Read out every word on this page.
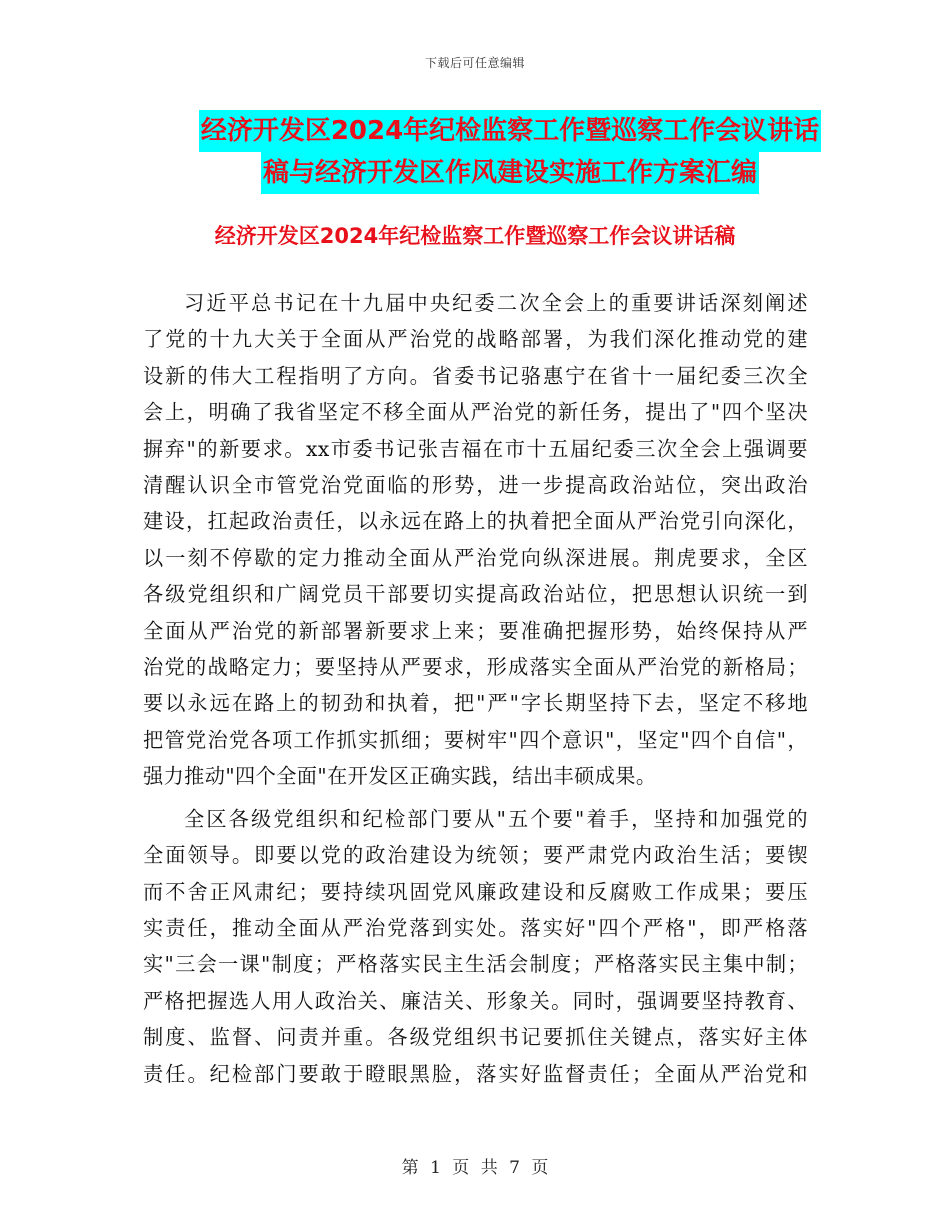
下载后可任意编辑
经济开发区2024年纪检监察工作暨巡察工作会议讲话
稿与经济开发区作风建设实施工作方案汇编
经济开发区2024年纪检监察工作暨巡察工作会议讲话稿
习近平总书记在十九届中央纪委二次全会上的重要讲话深刻阐述
了党的十九大关于全面从严治党的战略部署，为我们深化推动党的建
设新的伟大工程指明了方向。省委书记骆惠宁在省十一届纪委三次全
会上，明确了我省坚定不移全面从严治党的新任务，提出了"四个坚决
摒弃"的新要求。xx市委书记张吉福在市十五届纪委三次全会上强调要
清醒认识全市管党治党面临的形势，进一步提高政治站位，突出政治
建设，扛起政治责任，以永远在路上的执着把全面从严治党引向深化，
以一刻不停歇的定力推动全面从严治党向纵深进展。荆虎要求，全区
各级党组织和广阔党员干部要切实提高政治站位，把思想认识统一到
全面从严治党的新部署新要求上来；要准确把握形势，始终保持从严
治党的战略定力；要坚持从严要求，形成落实全面从严治党的新格局；
要以永远在路上的韧劲和执着，把"严"字长期坚持下去，坚定不移地
把管党治党各项工作抓实抓细；要树牢"四个意识"，坚定"四个自信"，
强力推动"四个全面"在开发区正确实践，结出丰硕成果。
全区各级党组织和纪检部门要从"五个要"着手，坚持和加强党的
全面领导。即要以党的政治建设为统领；要严肃党内政治生活；要锲
而不舍正风肃纪；要持续巩固党风廉政建设和反腐败工作成果；要压
实责任，推动全面从严治党落到实处。落实好"四个严格"，即严格落
实"三会一课"制度；严格落实民主生活会制度；严格落实民主集中制；
严格把握选人用人政治关、廉洁关、形象关。同时，强调要坚持教育、
制度、监督、问责并重。各级党组织书记要抓住关键点，落实好主体
责任。纪检部门要敢于瞪眼黑脸，落实好监督责任；全面从严治党和
第 1 页 共 7 页
